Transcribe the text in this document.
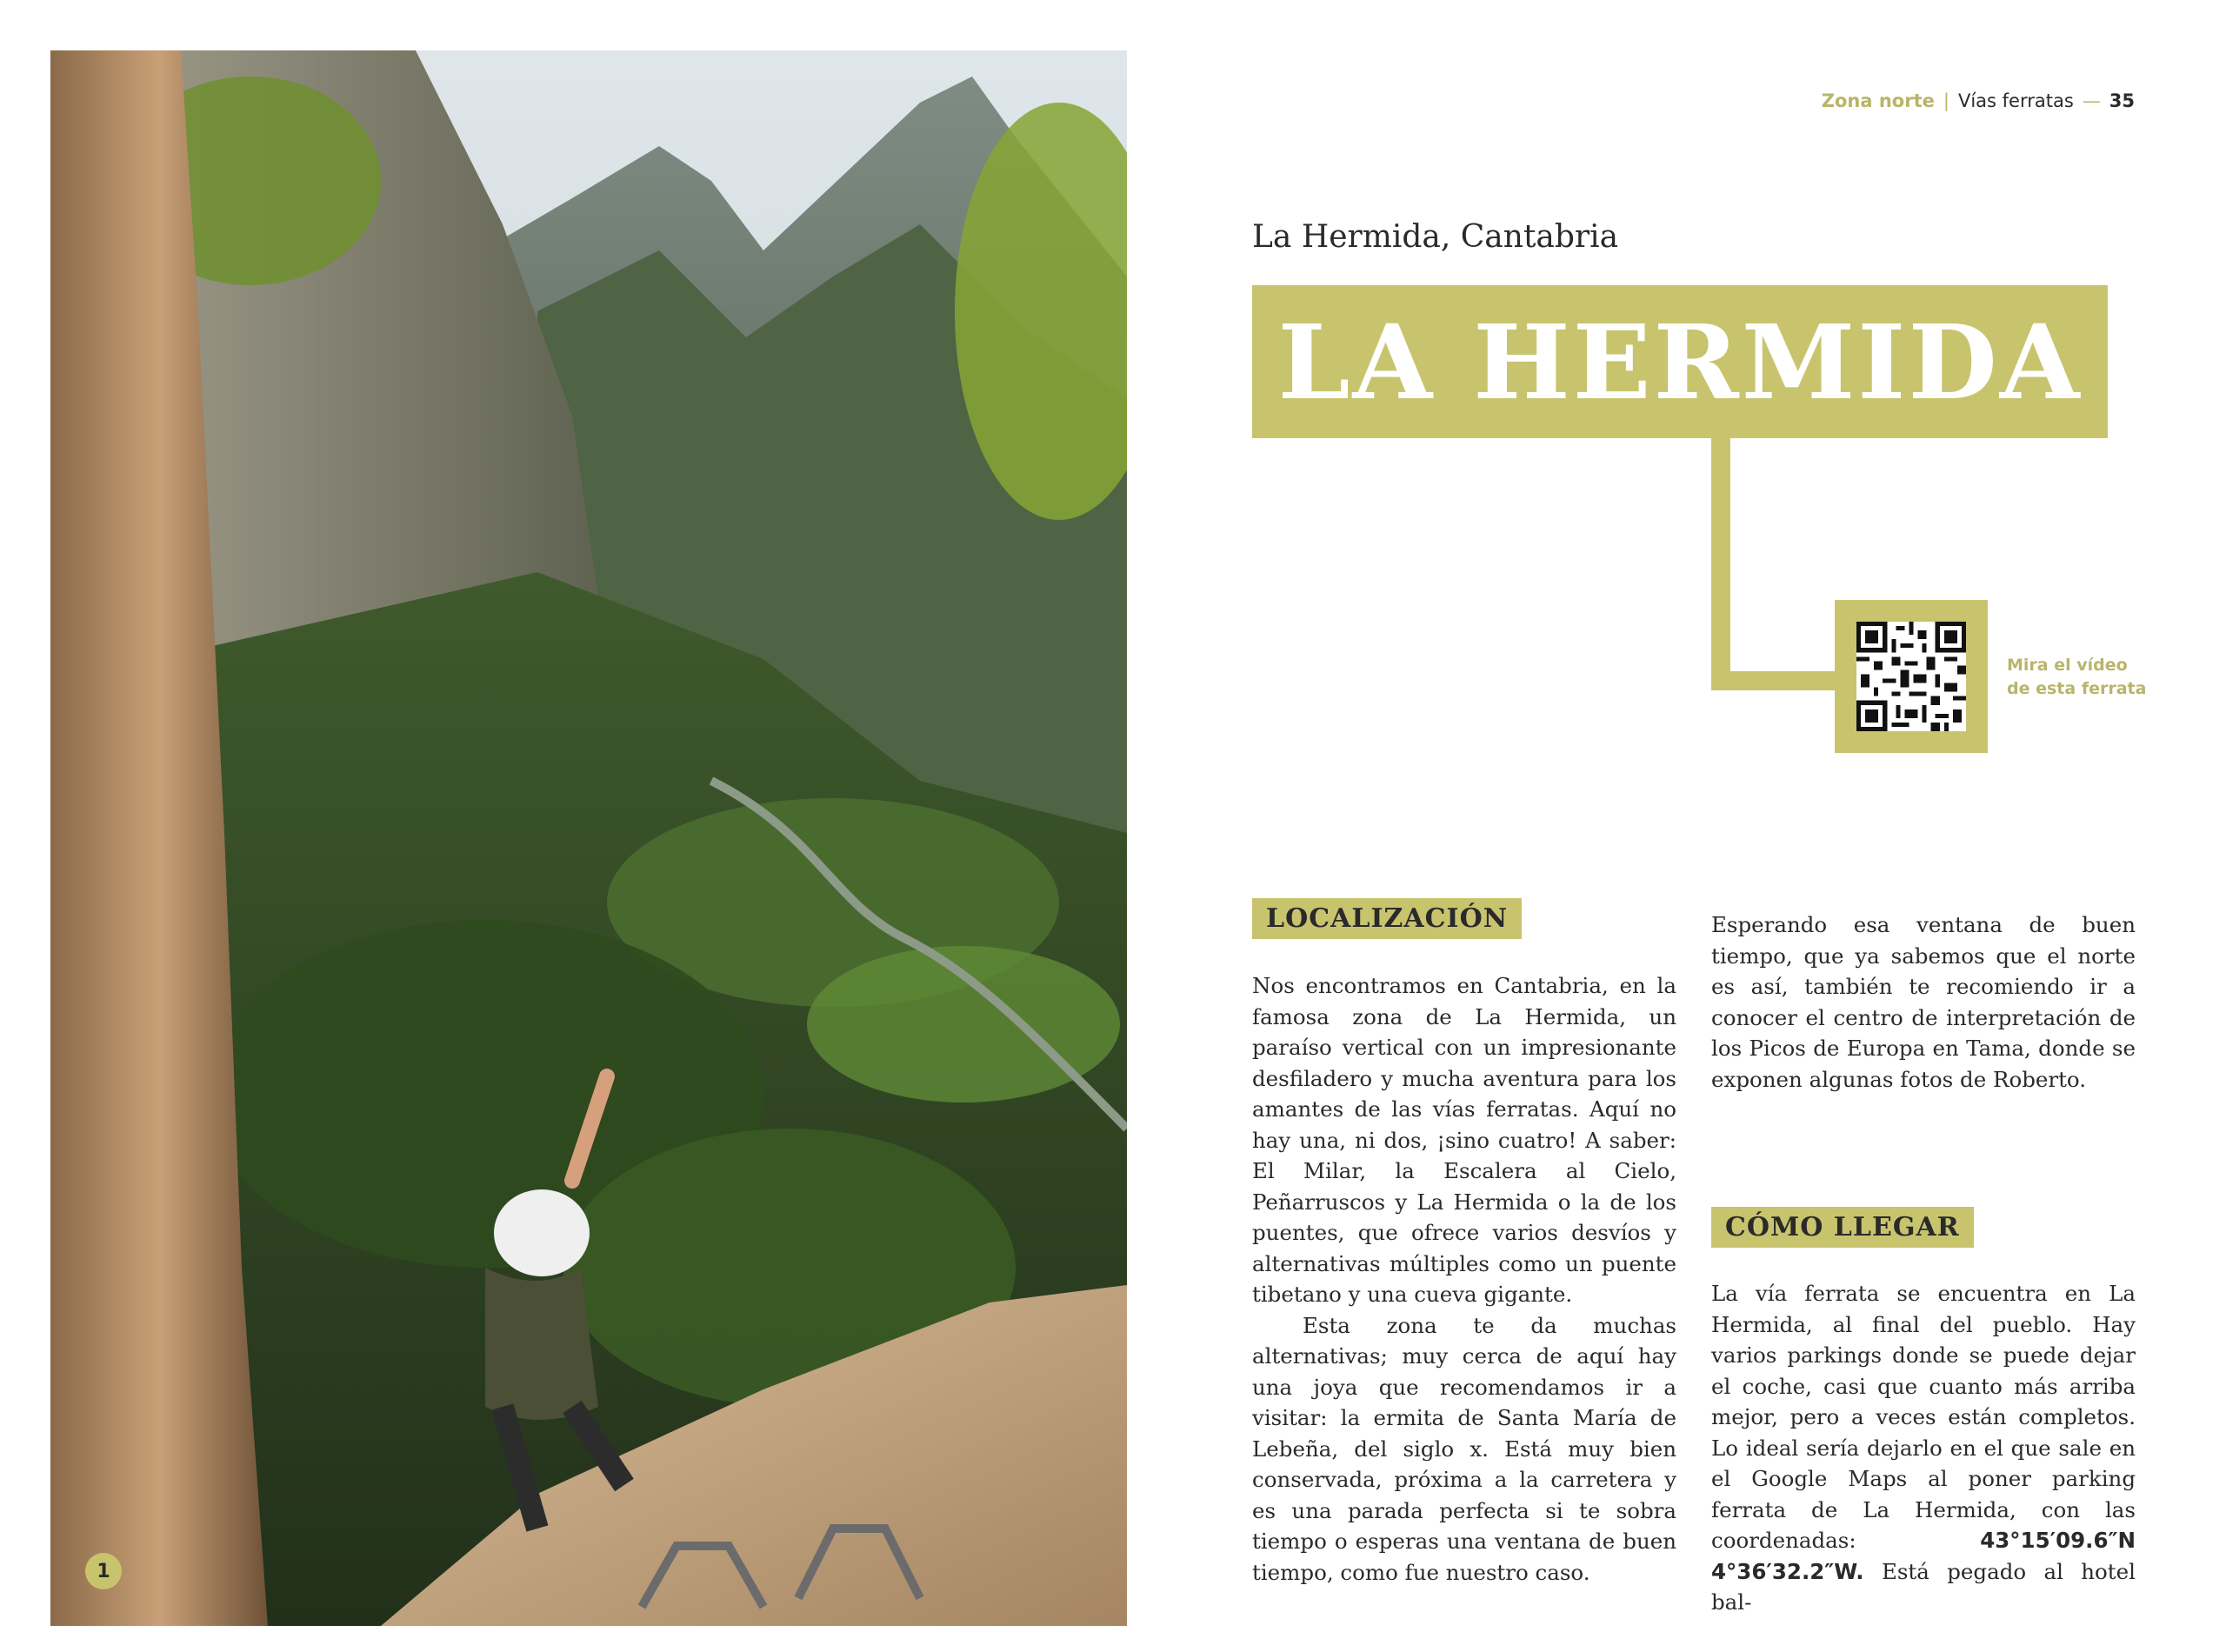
1
Zona norte | Vías ferratas — 35
La Hermida, Cantabria
LA HERMIDA
Mira el vídeo
de esta ferrata
LOCALIZACIÓN

Nos encontramos en Cantabria, en la famosa zona de La Hermida, un paraíso vertical con un impresionante desfiladero y mucha aventura para los amantes de las vías ferratas. Aquí no hay una, ni dos, ¡sino cuatro! A saber: El Milar, la Escalera al Cielo, Peñarruscos y La Hermida o la de los puentes, que ofrece varios desvíos y alternativas múltiples como un puente tibetano y una cueva gigante.

Esta zona te da muchas alternativas; muy cerca de aquí hay una joya que recomendamos ir a visitar: la ermita de Santa María de Lebeña, del siglo x. Está muy bien conservada, próxima a la carretera y es una parada perfecta si te sobra tiempo o esperas una ventana de buen tiempo, como fue nuestro caso.

Esperando esa ventana de buen tiempo, que ya sabemos que el norte es así, también te recomiendo ir a conocer el centro de interpretación de los Picos de Europa en Tama, donde se exponen algunas fotos de Roberto.

CÓMO LLEGAR

La vía ferrata se encuentra en La Hermida, al final del pueblo. Hay varios parkings donde se puede dejar el coche, casi que cuanto más arriba mejor, pero a veces están completos. Lo ideal sería dejarlo en el que sale en el Google Maps al poner parking ferrata de La Hermida, con las coordenadas:	43°15′09.6″N 4°36′32.2″W. Está pegado al hotel bal-
